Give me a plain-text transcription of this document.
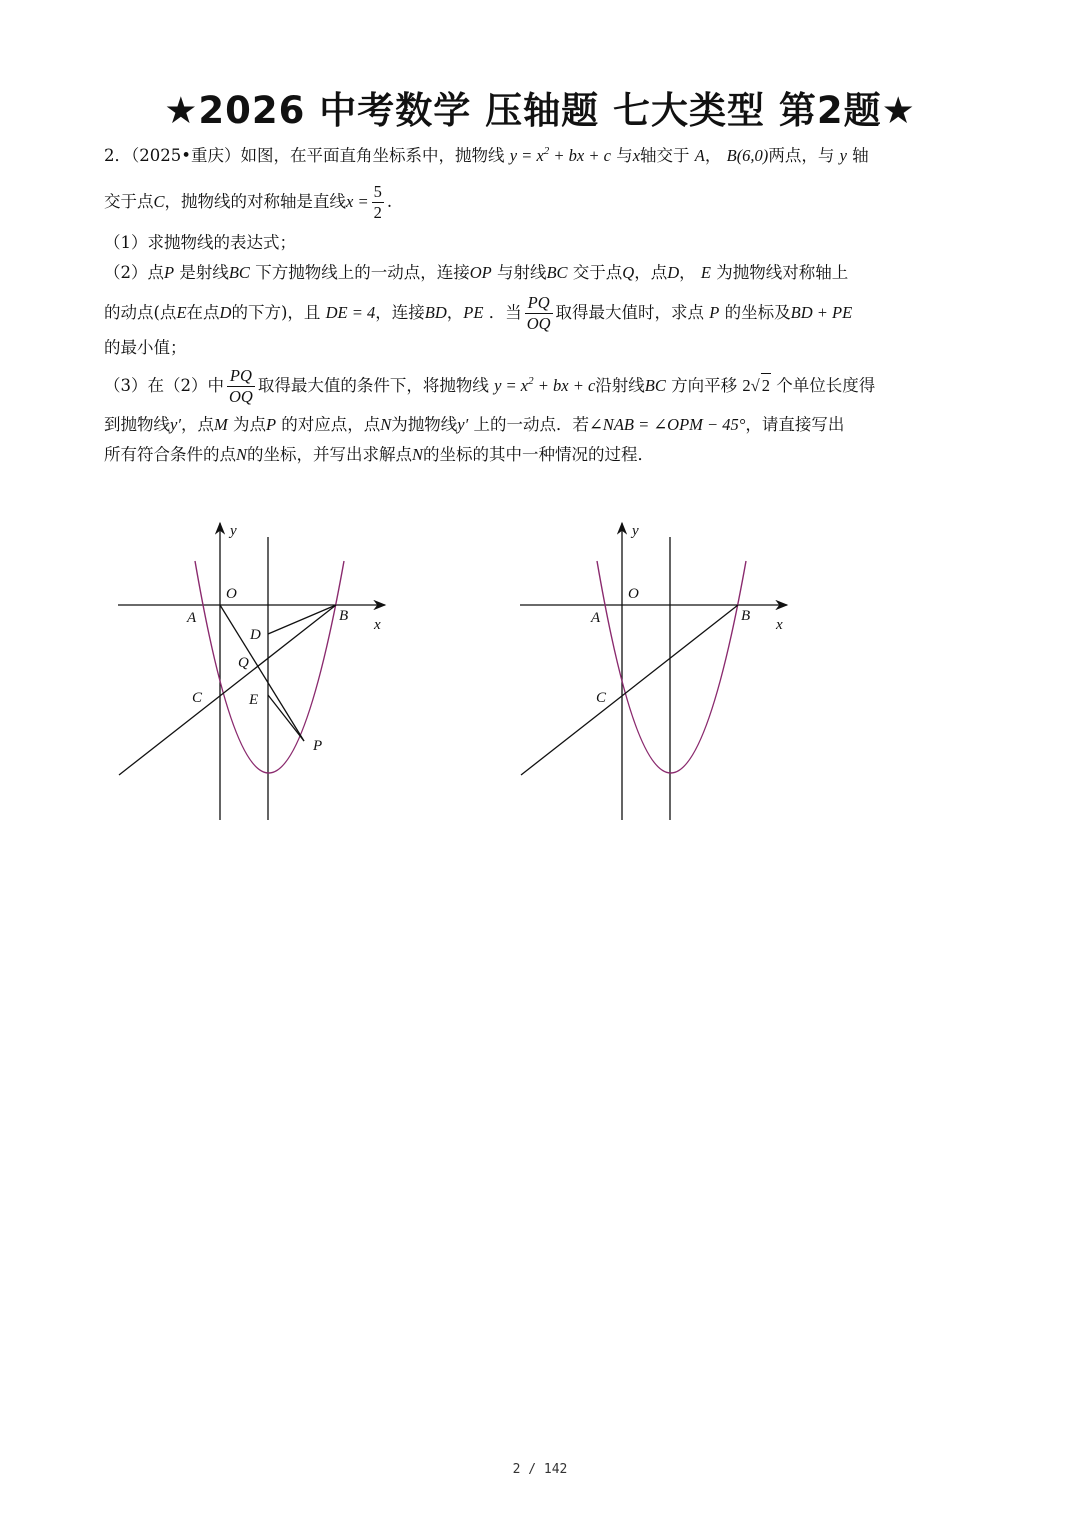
★2026 中考数学 压轴题 七大类型 第2题★
2．（2025•重庆）如图，在平面直角坐标系中，抛物线 $y = x^2$ + bx + c 与x轴交于 A， B(6,0)两点，与 y 轴
交于点C，抛物线的对称轴是直线$x = \frac{5}{2}$ .
（1）求抛物线的表达式；
（2）点P 是射线BC 下方抛物线上的一动点，连接OP 与射线BC 交于点Q，点D， E 为抛物线对称轴上
的动点(点E在点D的下方)，且 DE = 4，连接BD，PE ．当 $\frac{PQ}{OQ}$ 取得最大值时，求点 P 的坐标及BD + PE
的最小值；
（3）在（2）中 $\frac{PQ}{OQ}$ 取得最大值的条件下，将抛物线 $y = x^2$ + bx + c沿射线BC 方向平移 2√ 2 个单位长度得
到抛物线y′，点M 为点P 的对应点，点N为抛物线y′ 上的一动点．若∠NAB = ∠OPM − 45°，请直接写出
所有符合条件的点N的坐标，并写出求解点N的坐标的其中一种情况的过程．
y
x
O
A	B
C
D
Q
E
P
y
x
O
A	B
C
2 / 142
